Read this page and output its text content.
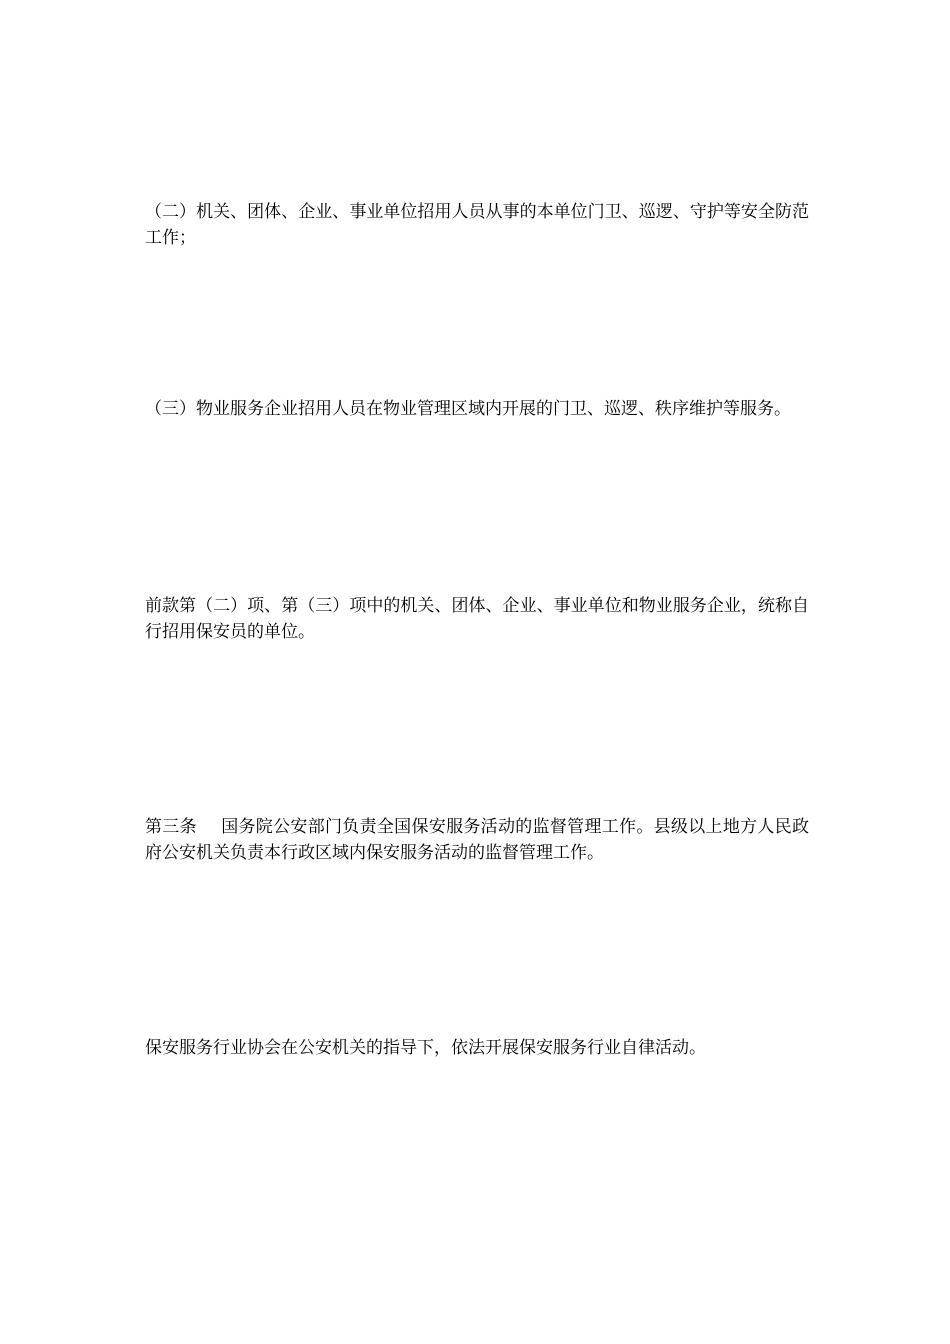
（二）机关、团体、企业、事业单位招用人员从事的本单位门卫、巡逻、守护等安全防范工作；

（三）物业服务企业招用人员在物业管理区域内开展的门卫、巡逻、秩序维护等服务。

前款第（二）项、第（三）项中的机关、团体、企业、事业单位和物业服务企业，统称自行招用保安员的单位。

第三条 国务院公安部门负责全国保安服务活动的监督管理工作。县级以上地方人民政府公安机关负责本行政区域内保安服务活动的监督管理工作。

保安服务行业协会在公安机关的指导下，依法开展保安服务行业自律活动。
